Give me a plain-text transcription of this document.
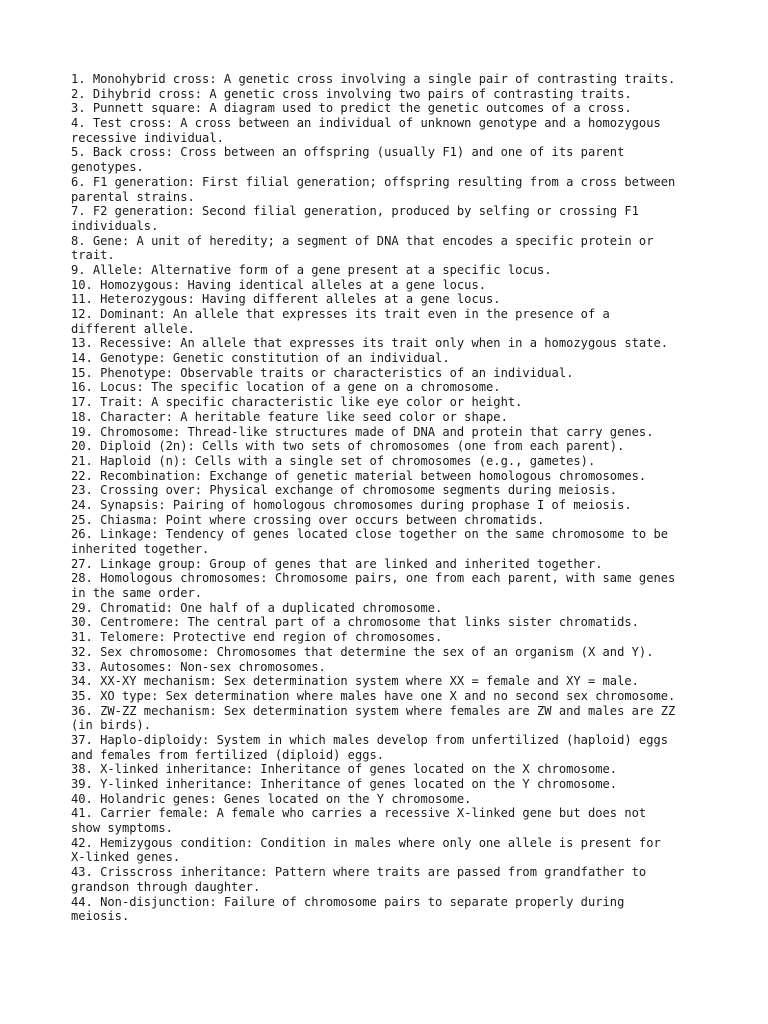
1. Monohybrid cross: A genetic cross involving a single pair of contrasting traits.
2. Dihybrid cross: A genetic cross involving two pairs of contrasting traits.
3. Punnett square: A diagram used to predict the genetic outcomes of a cross.
4. Test cross: A cross between an individual of unknown genotype and a homozygous
recessive individual.
5. Back cross: Cross between an offspring (usually F1) and one of its parent
genotypes.
6. F1 generation: First filial generation; offspring resulting from a cross between
parental strains.
7. F2 generation: Second filial generation, produced by selfing or crossing F1
individuals.
8. Gene: A unit of heredity; a segment of DNA that encodes a specific protein or
trait.
9. Allele: Alternative form of a gene present at a specific locus.
10. Homozygous: Having identical alleles at a gene locus.
11. Heterozygous: Having different alleles at a gene locus.
12. Dominant: An allele that expresses its trait even in the presence of a
different allele.
13. Recessive: An allele that expresses its trait only when in a homozygous state.
14. Genotype: Genetic constitution of an individual.
15. Phenotype: Observable traits or characteristics of an individual.
16. Locus: The specific location of a gene on a chromosome.
17. Trait: A specific characteristic like eye color or height.
18. Character: A heritable feature like seed color or shape.
19. Chromosome: Thread-like structures made of DNA and protein that carry genes.
20. Diploid (2n): Cells with two sets of chromosomes (one from each parent).
21. Haploid (n): Cells with a single set of chromosomes (e.g., gametes).
22. Recombination: Exchange of genetic material between homologous chromosomes.
23. Crossing over: Physical exchange of chromosome segments during meiosis.
24. Synapsis: Pairing of homologous chromosomes during prophase I of meiosis.
25. Chiasma: Point where crossing over occurs between chromatids.
26. Linkage: Tendency of genes located close together on the same chromosome to be
inherited together.
27. Linkage group: Group of genes that are linked and inherited together.
28. Homologous chromosomes: Chromosome pairs, one from each parent, with same genes
in the same order.
29. Chromatid: One half of a duplicated chromosome.
30. Centromere: The central part of a chromosome that links sister chromatids.
31. Telomere: Protective end region of chromosomes.
32. Sex chromosome: Chromosomes that determine the sex of an organism (X and Y).
33. Autosomes: Non-sex chromosomes.
34. XX-XY mechanism: Sex determination system where XX = female and XY = male.
35. XO type: Sex determination where males have one X and no second sex chromosome.
36. ZW-ZZ mechanism: Sex determination system where females are ZW and males are ZZ
(in birds).
37. Haplo-diploidy: System in which males develop from unfertilized (haploid) eggs
and females from fertilized (diploid) eggs.
38. X-linked inheritance: Inheritance of genes located on the X chromosome.
39. Y-linked inheritance: Inheritance of genes located on the Y chromosome.
40. Holandric genes: Genes located on the Y chromosome.
41. Carrier female: A female who carries a recessive X-linked gene but does not
show symptoms.
42. Hemizygous condition: Condition in males where only one allele is present for
X-linked genes.
43. Crisscross inheritance: Pattern where traits are passed from grandfather to
grandson through daughter.
44. Non-disjunction: Failure of chromosome pairs to separate properly during
meiosis.
